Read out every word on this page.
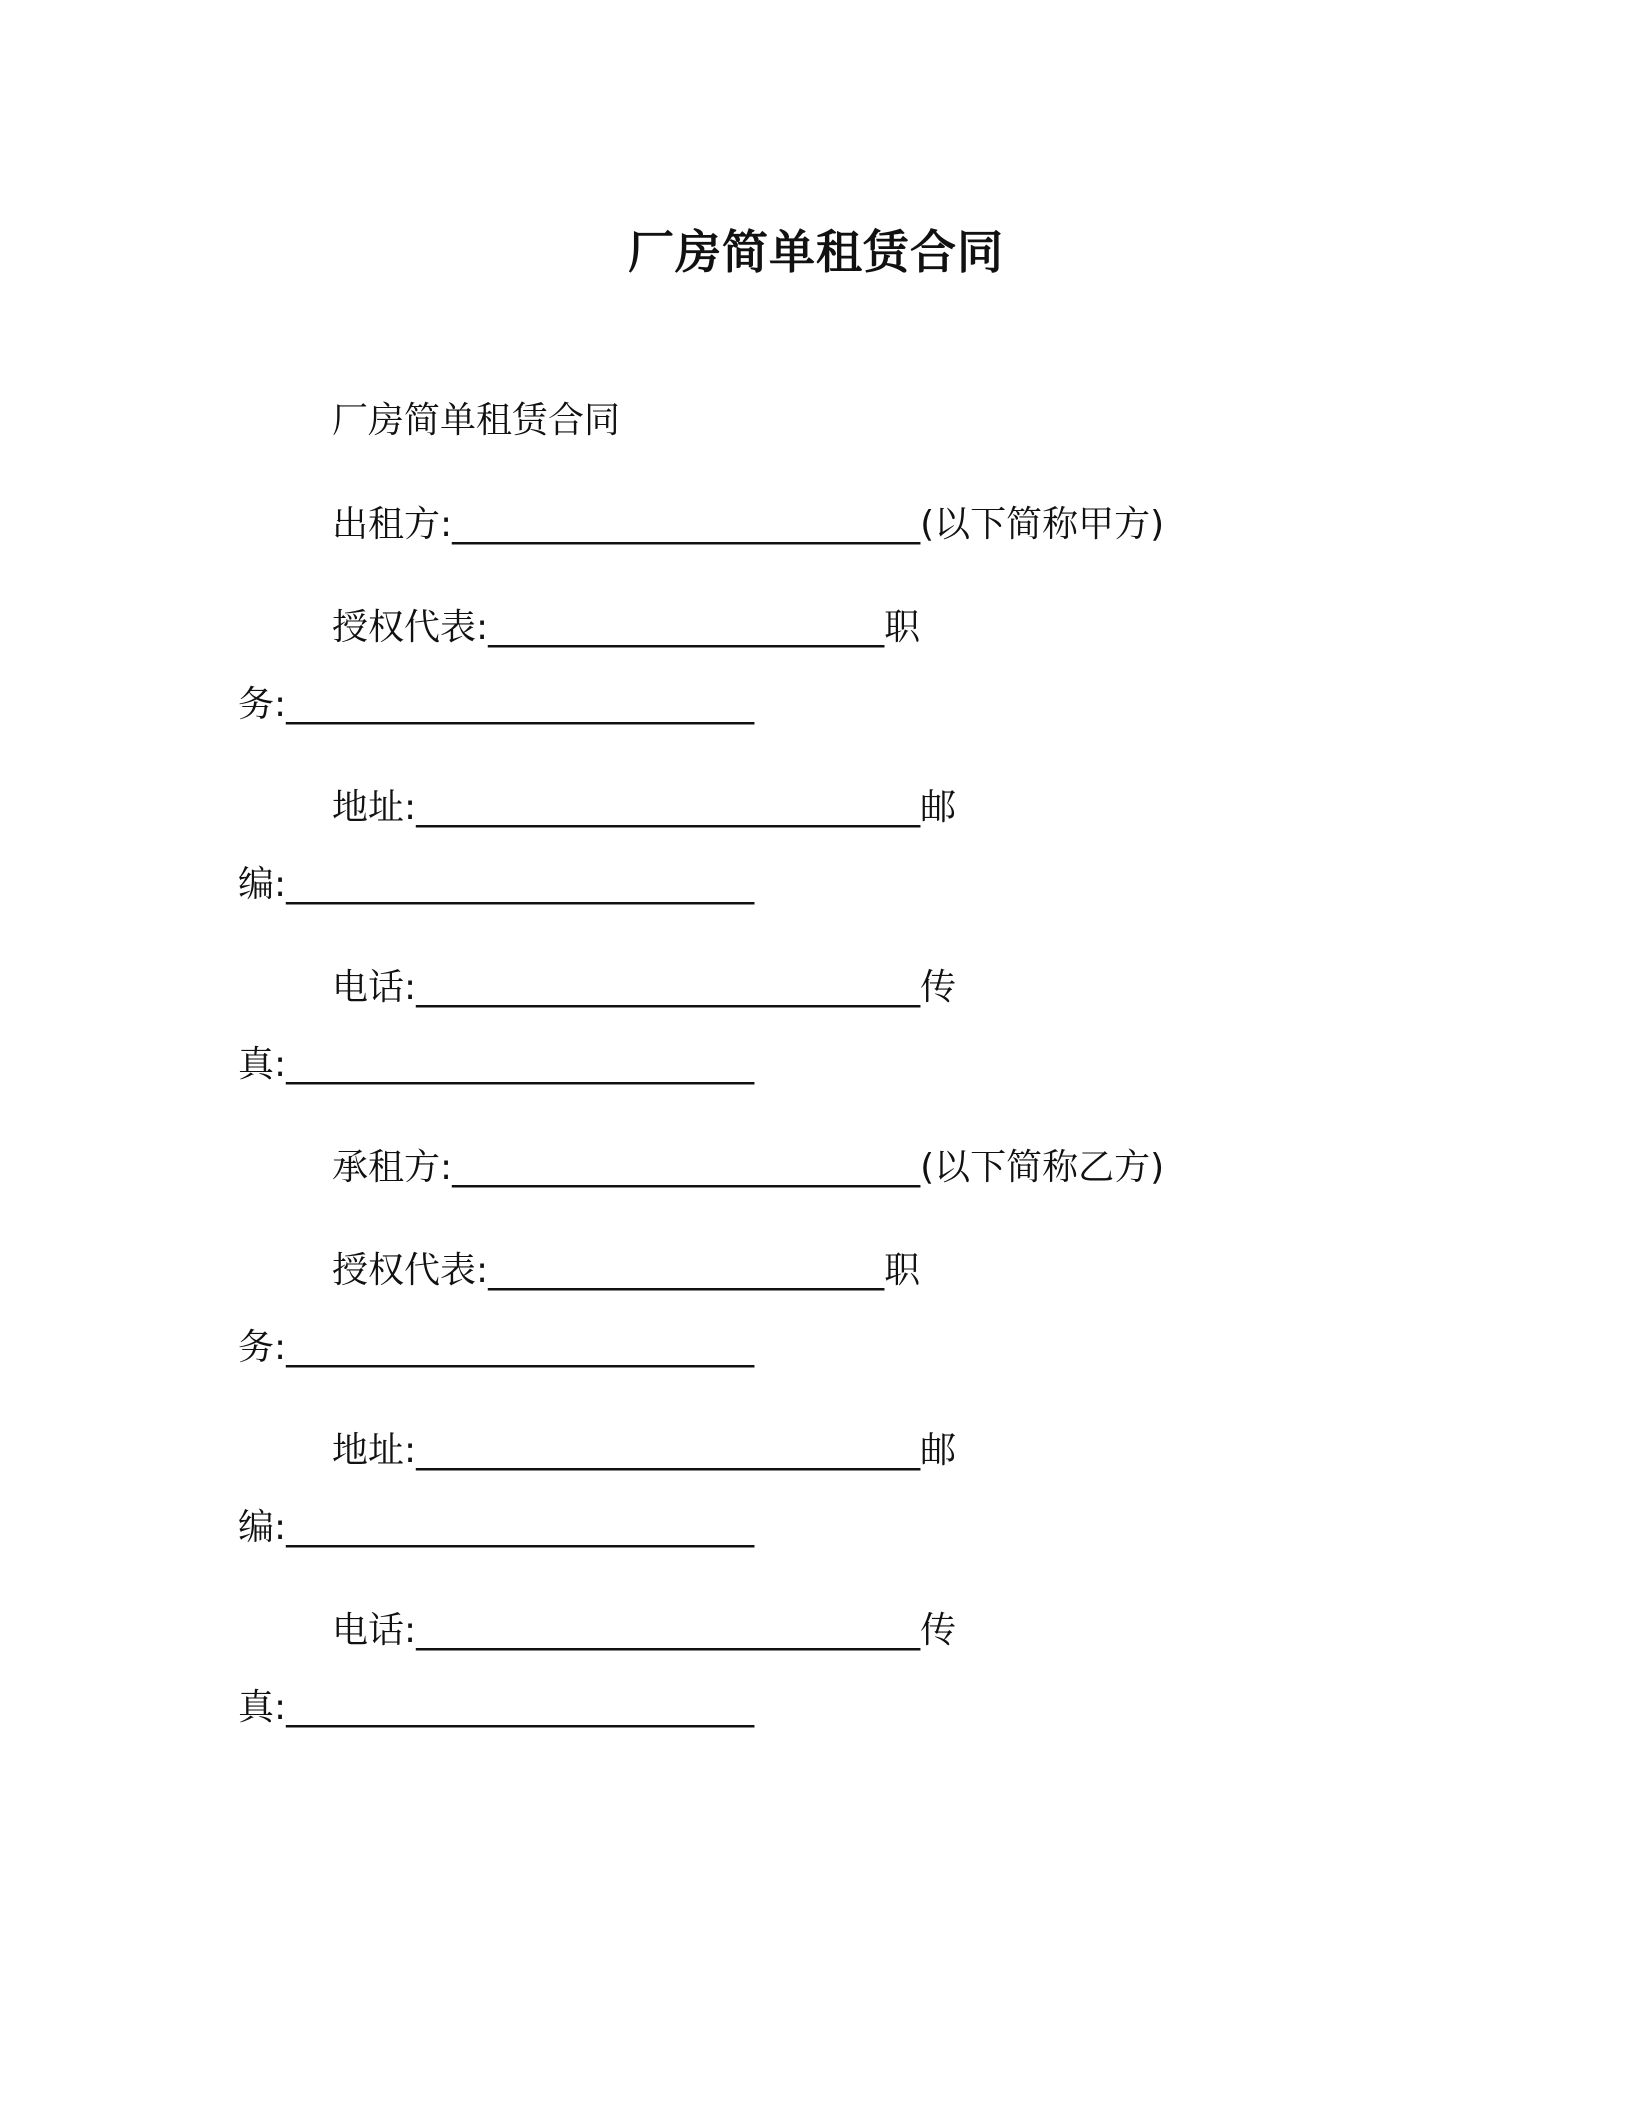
厂房简单租赁合同
厂房简单租赁合同
出租方:__________________________(以下简称甲方)
授权代表:______________________职
务:__________________________
地址:____________________________邮
编:__________________________
电话:____________________________传
真:__________________________
承租方:__________________________(以下简称乙方)
授权代表:______________________职
务:__________________________
地址:____________________________邮
编:__________________________
电话:____________________________传
真:__________________________
